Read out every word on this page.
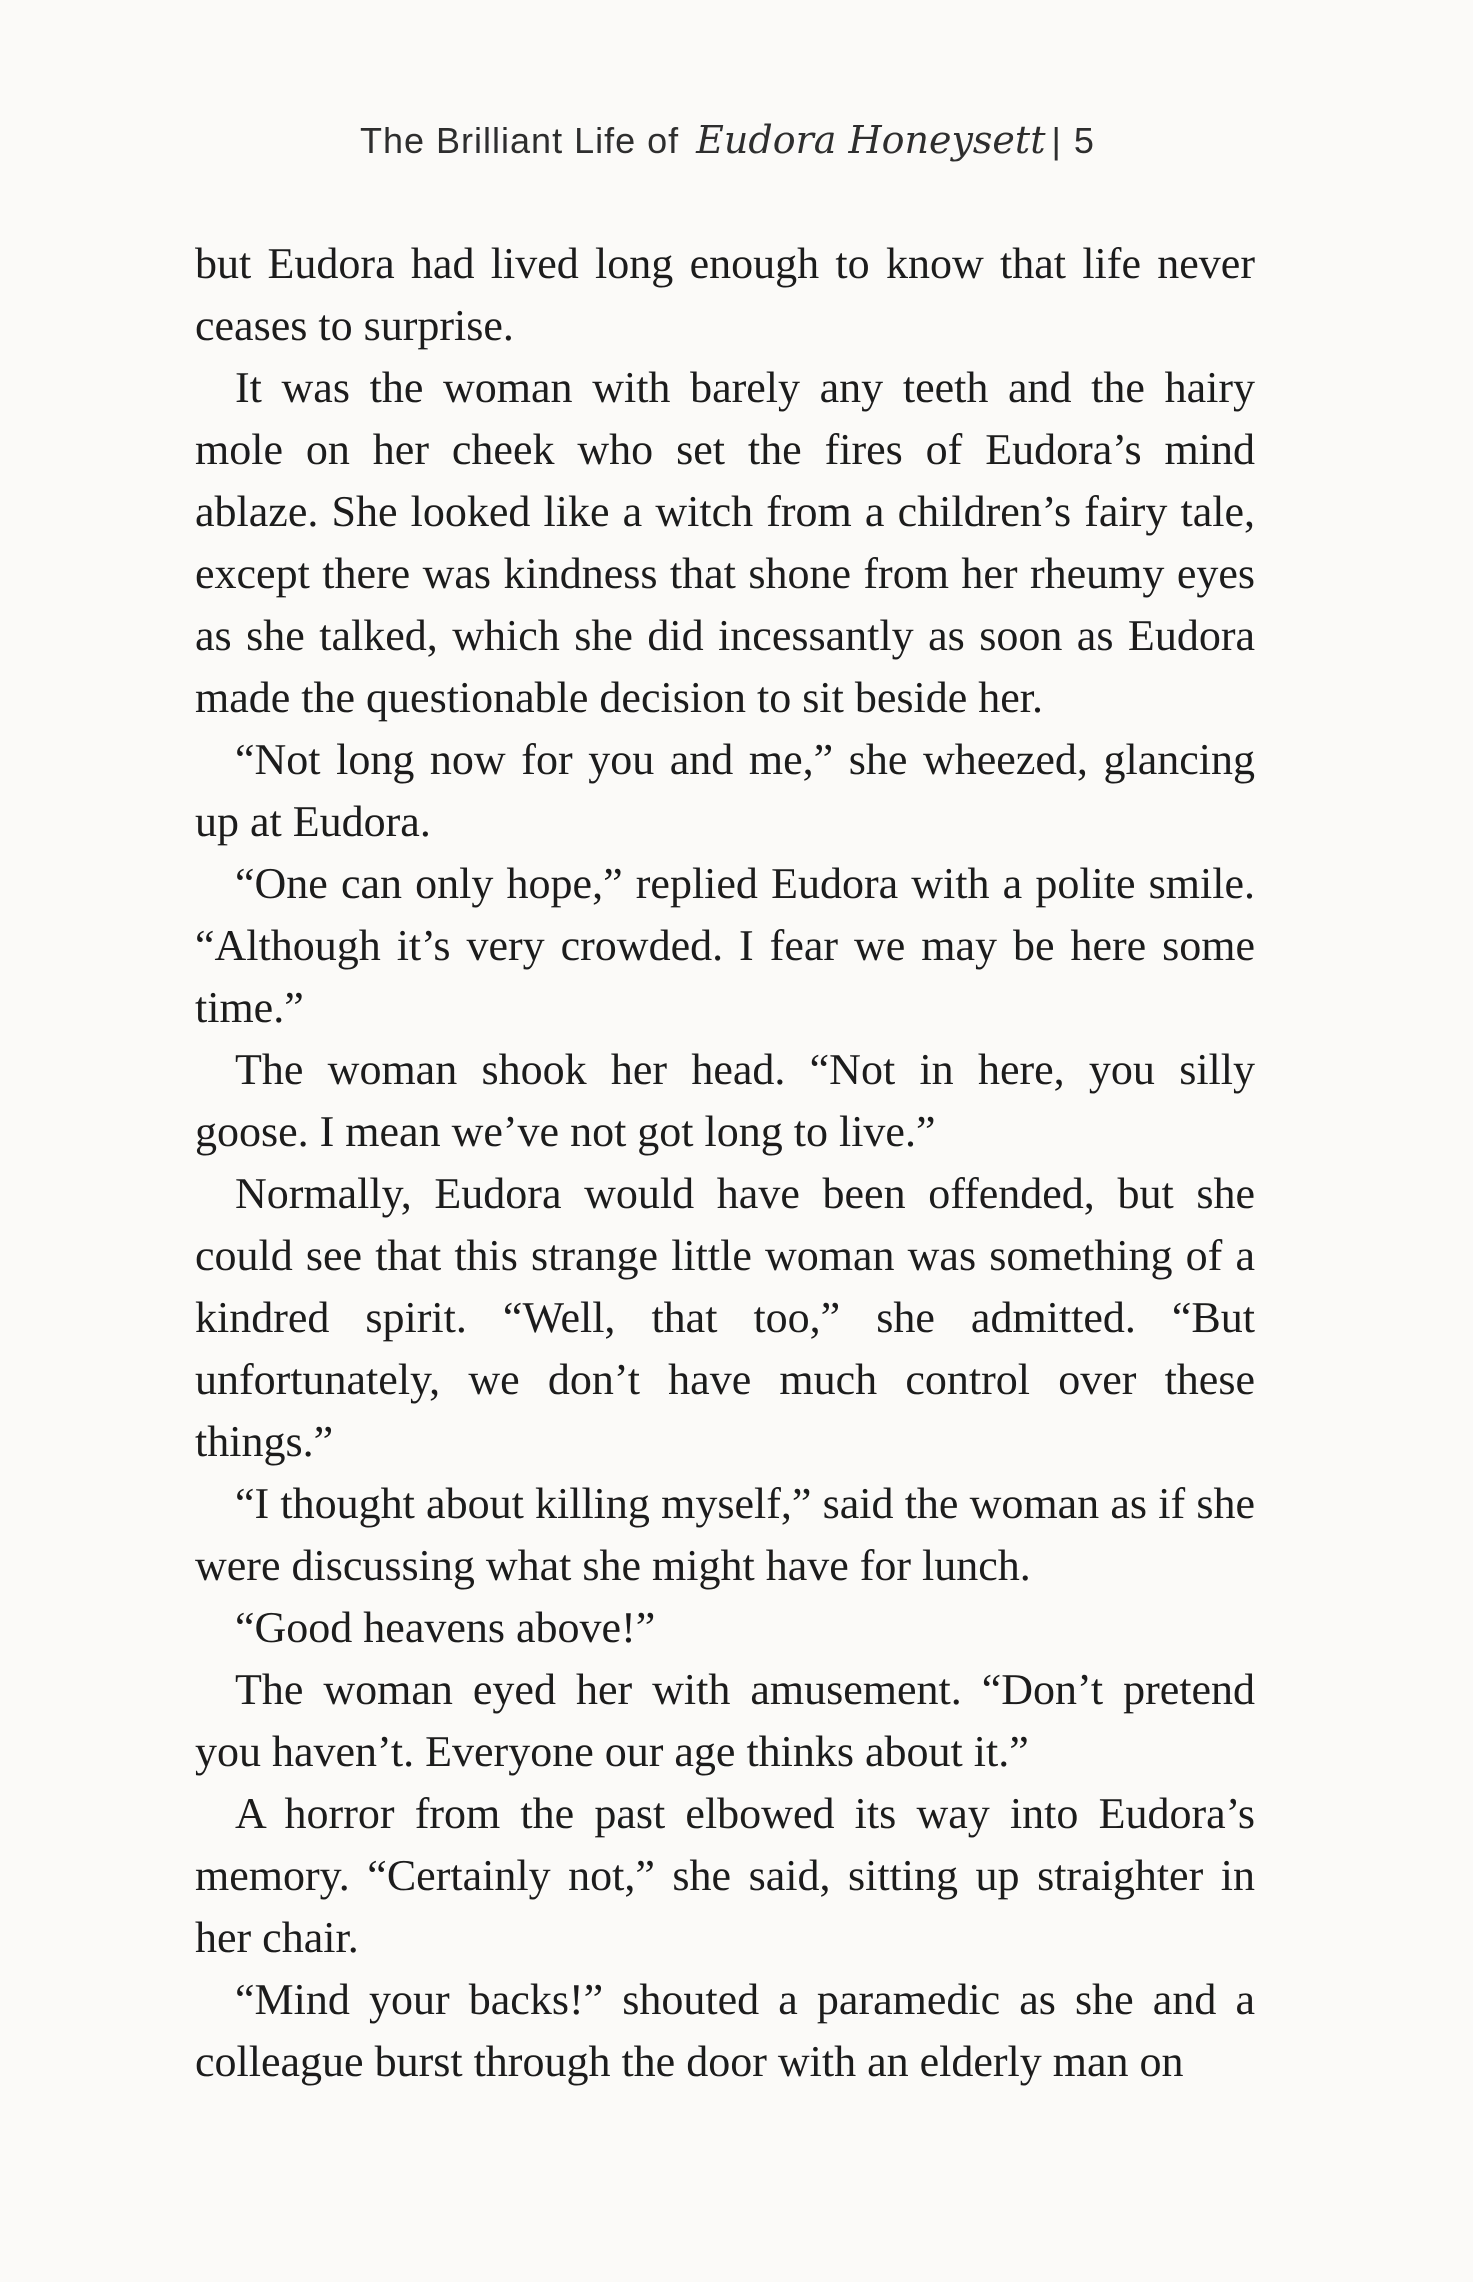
The Brilliant Life of Eudora Honeysett | 5

but Eudora had lived long enough to know that life never ceases to surprise.

It was the woman with barely any teeth and the hairy mole on her cheek who set the fires of Eudora’s mind ablaze. She looked like a witch from a children’s fairy tale, except there was kindness that shone from her rheumy eyes as she talked, which she did incessantly as soon as Eudora made the questionable decision to sit beside her.

“Not long now for you and me,” she wheezed, glancing up at Eudora.

“One can only hope,” replied Eudora with a polite smile. “Although it’s very crowded. I fear we may be here some time.”

The woman shook her head. “Not in here, you silly goose. I mean we’ve not got long to live.”

Normally, Eudora would have been offended, but she could see that this strange little woman was something of a kindred spirit. “Well, that too,” she admitted. “But unfortunately, we don’t have much control over these things.”

“I thought about killing myself,” said the woman as if she were discussing what she might have for lunch.

“Good heavens above!”

The woman eyed her with amusement. “Don’t pretend you haven’t. Everyone our age thinks about it.”

A horror from the past elbowed its way into Eudora’s memory. “Certainly not,” she said, sitting up straighter in her chair.

“Mind your backs!” shouted a paramedic as she and a colleague burst through the door with an elderly man on
